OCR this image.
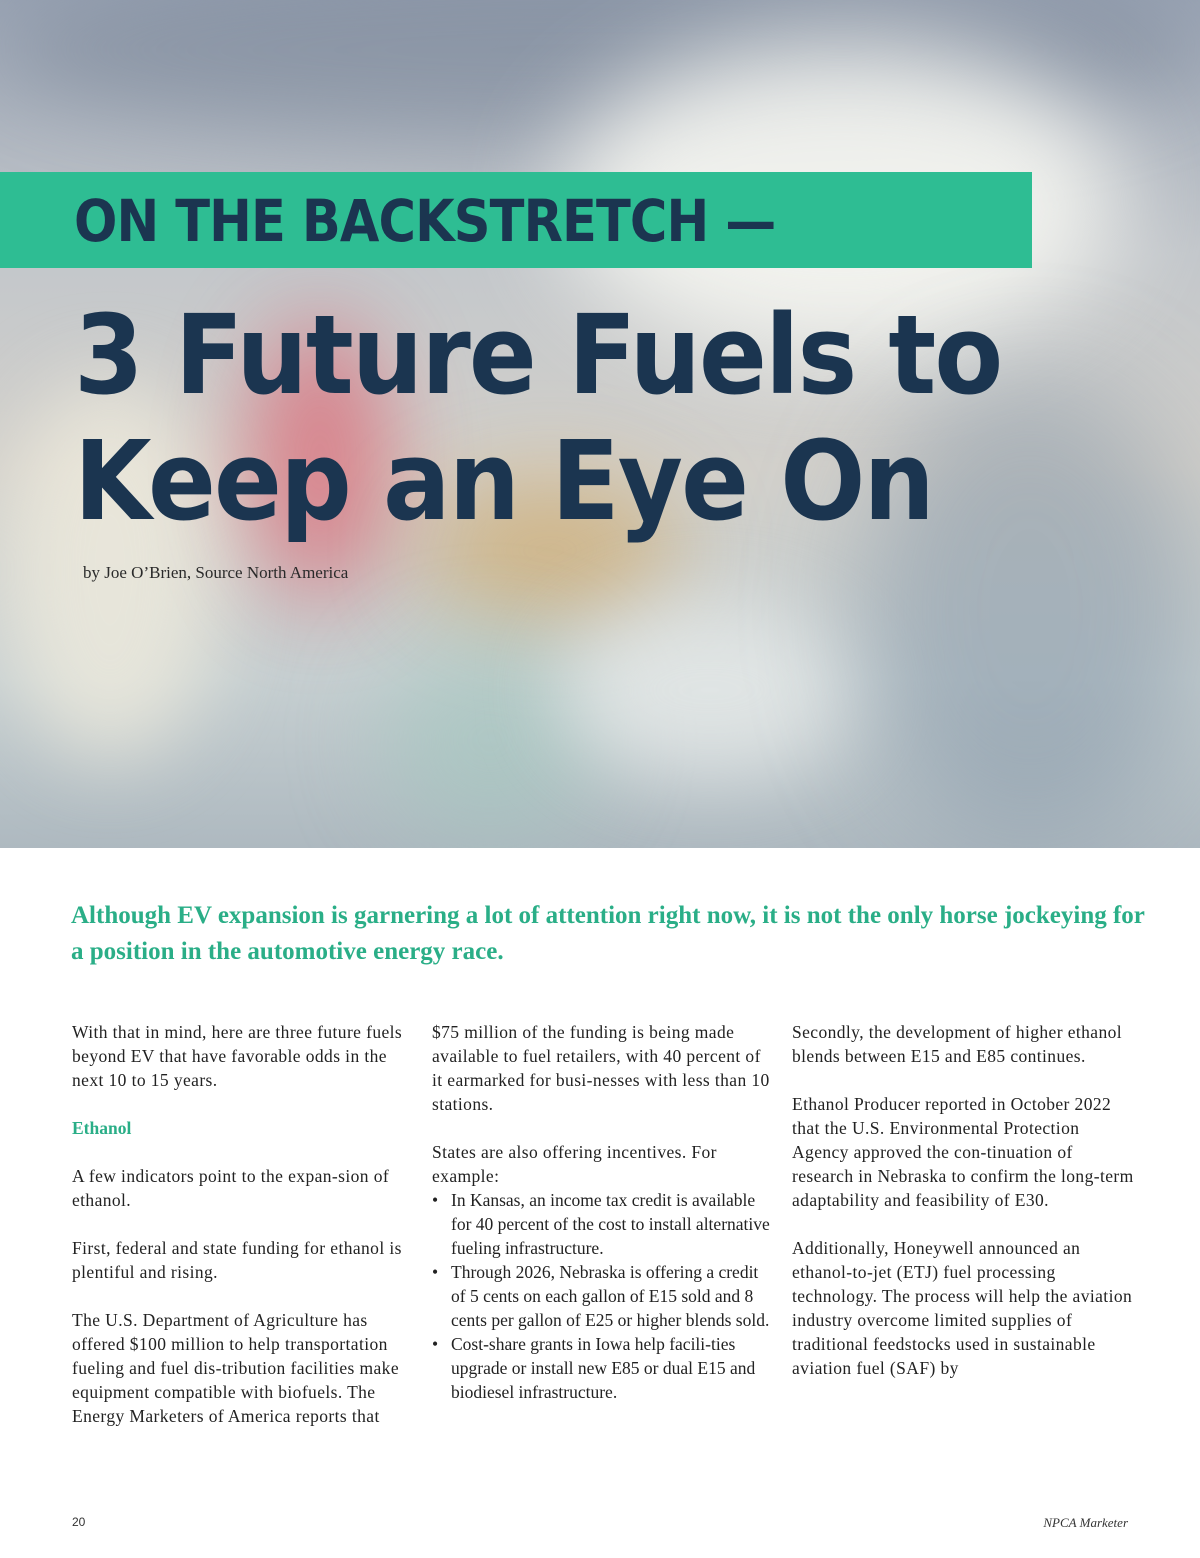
ON THE BACKSTRETCH —
3 Future Fuels to
Keep an Eye On

by Joe O’Brien, Source North America

Although EV expansion is garnering a lot of attention right now, it is not the only horse jockeying for a position in the automotive energy race.

With that in mind, here are three future fuels beyond EV that have favorable odds in the next 10 to 15 years.

Ethanol

A few indicators point to the expan-sion of ethanol.

First, federal and state funding for ethanol is plentiful and rising.

The U.S. Department of Agriculture has offered $100 million to help transportation fueling and fuel dis-tribution facilities make equipment compatible with biofuels. The Energy Marketers of America reports that

$75 million of the funding is being made available to fuel retailers, with 40 percent of it earmarked for busi-nesses with less than 10 stations.

States are also offering incentives. For example:

• In Kansas, an income tax credit is available for 40 percent of the cost to install alternative fueling infrastructure.
• Through 2026, Nebraska is offering a credit of 5 cents on each gallon of E15 sold and 8 cents per gallon of E25 or higher blends sold.
• Cost-share grants in Iowa help facili-ties upgrade or install new E85 or dual E15 and biodiesel infrastructure.

Secondly, the development of higher ethanol blends between E15 and E85 continues.

Ethanol Producer reported in October 2022 that the U.S. Environmental Protection Agency approved the con-tinuation of research in Nebraska to confirm the long-term adaptability and feasibility of E30.

Additionally, Honeywell announced an ethanol-to-jet (ETJ) fuel processing technology. The process will help the aviation industry overcome limited supplies of traditional feedstocks used in sustainable aviation fuel (SAF) by

20	NPCA Marketer
